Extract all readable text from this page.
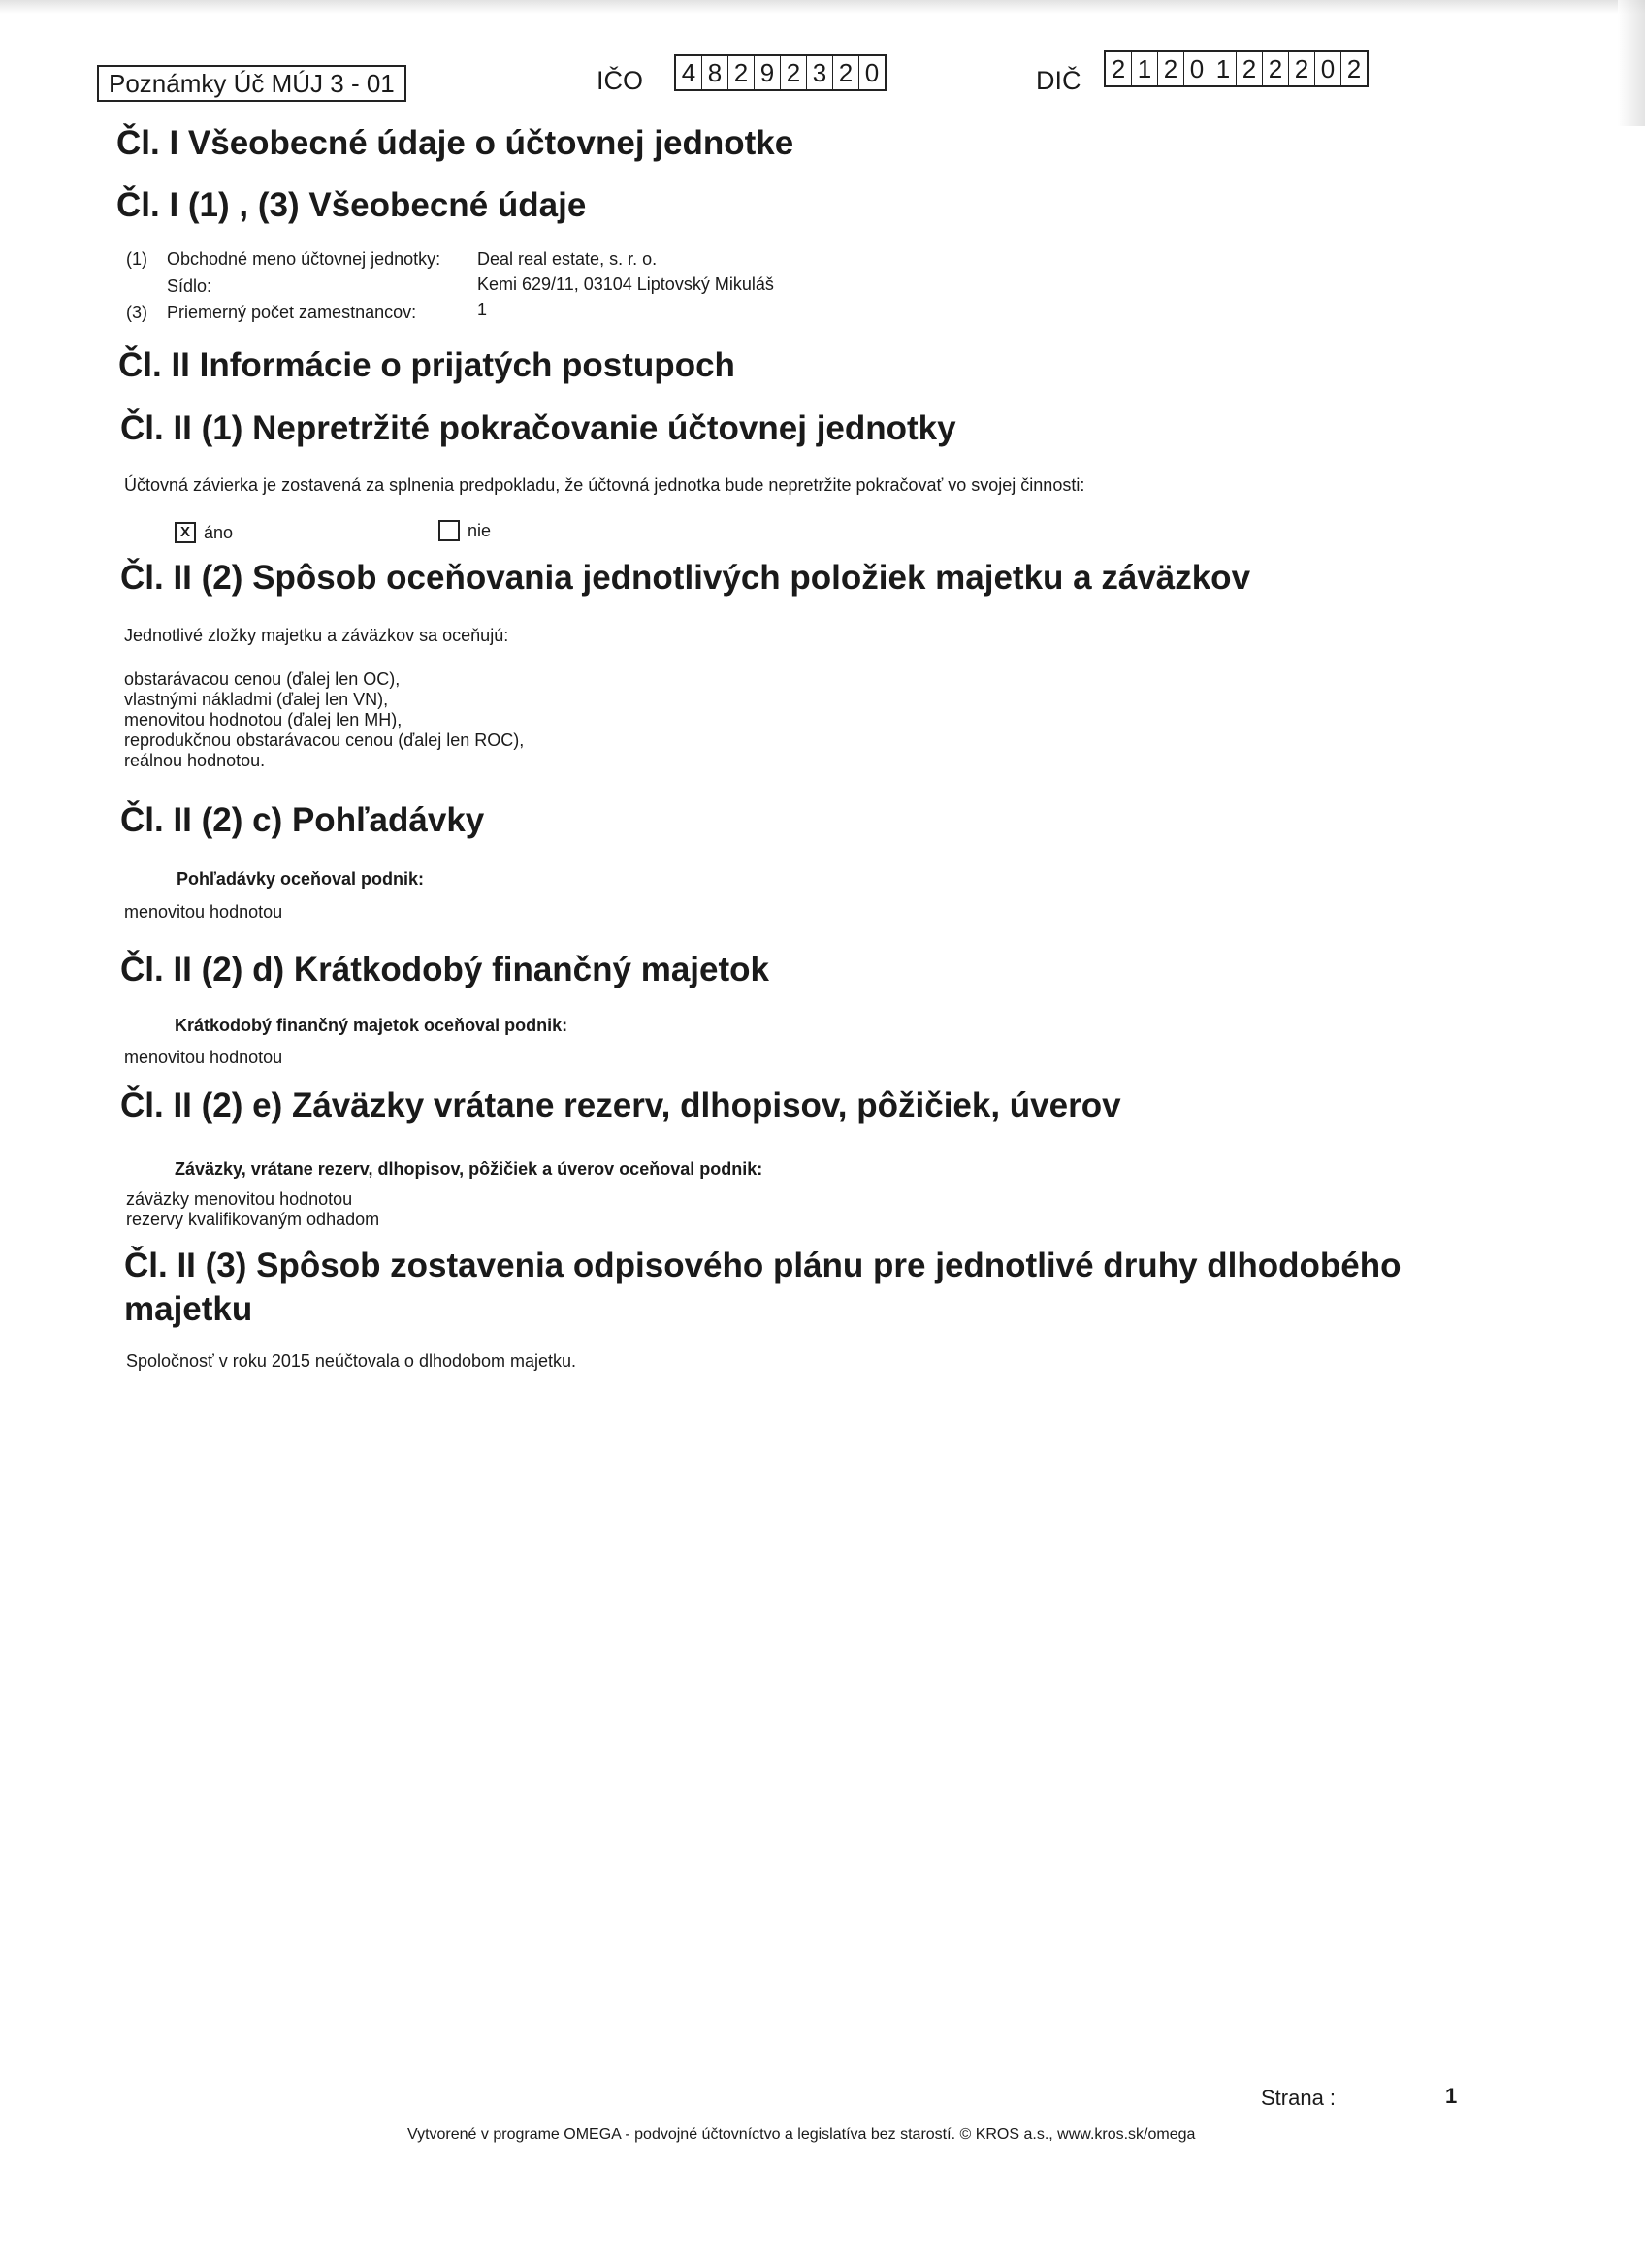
Poznámky Úč MÚJ 3 - 01	IČO 4 8 2 9 2 3 2 0	DIČ 2 1 2 0 1 2 2 2 0 2
Čl. I Všeobecné údaje o účtovnej jednotke
Čl. I (1) , (3) Všeobecné údaje
(1) Obchodné meno účtovnej jednotky: Deal real estate, s. r. o.
Sídlo:	Kemi 629/11, 03104 Liptovský Mikuláš
(3) Priemerný počet zamestnancov:	1
Čl. II Informácie o prijatých postupoch
Čl. II (1) Nepretržité pokračovanie účtovnej jednotky
Účtovná závierka je zostavená za splnenia predpokladu, že účtovná jednotka bude nepretržite pokračovať vo svojej činnosti:
X áno	nie
Čl. II (2) Spôsob oceňovania jednotlivých položiek majetku a záväzkov
Jednotlivé zložky majetku a záväzkov sa oceňujú:
obstarávacou cenou (ďalej len OC),
vlastnými nákladmi (ďalej len VN),
menovitou hodnotou (ďalej len MH),
reprodukčnou obstarávacou cenou (ďalej len ROC),
reálnou hodnotou.
Čl. II (2) c) Pohľadávky
Pohľadávky oceňoval podnik:
menovitou hodnotou
Čl. II (2) d) Krátkodobý finančný majetok
Krátkodobý finančný majetok oceňoval podnik:
menovitou hodnotou
Čl. II (2) e) Záväzky vrátane rezerv, dlhopisov, pôžičiek, úverov
Záväzky, vrátane rezerv, dlhopisov, pôžičiek a úverov oceňoval podnik:
záväzky menovitou hodnotou
rezervy kvalifikovaným odhadom
Čl. II (3) Spôsob zostavenia odpisového plánu pre jednotlivé druhy dlhodobého
majetku
Spoločnosť v roku 2015 neúčtovala o dlhodobom majetku.
Strana :	1
Vytvorené v programe OMEGA - podvojné účtovníctvo a legislatíva bez starostí. © KROS a.s., www.kros.sk/omega
